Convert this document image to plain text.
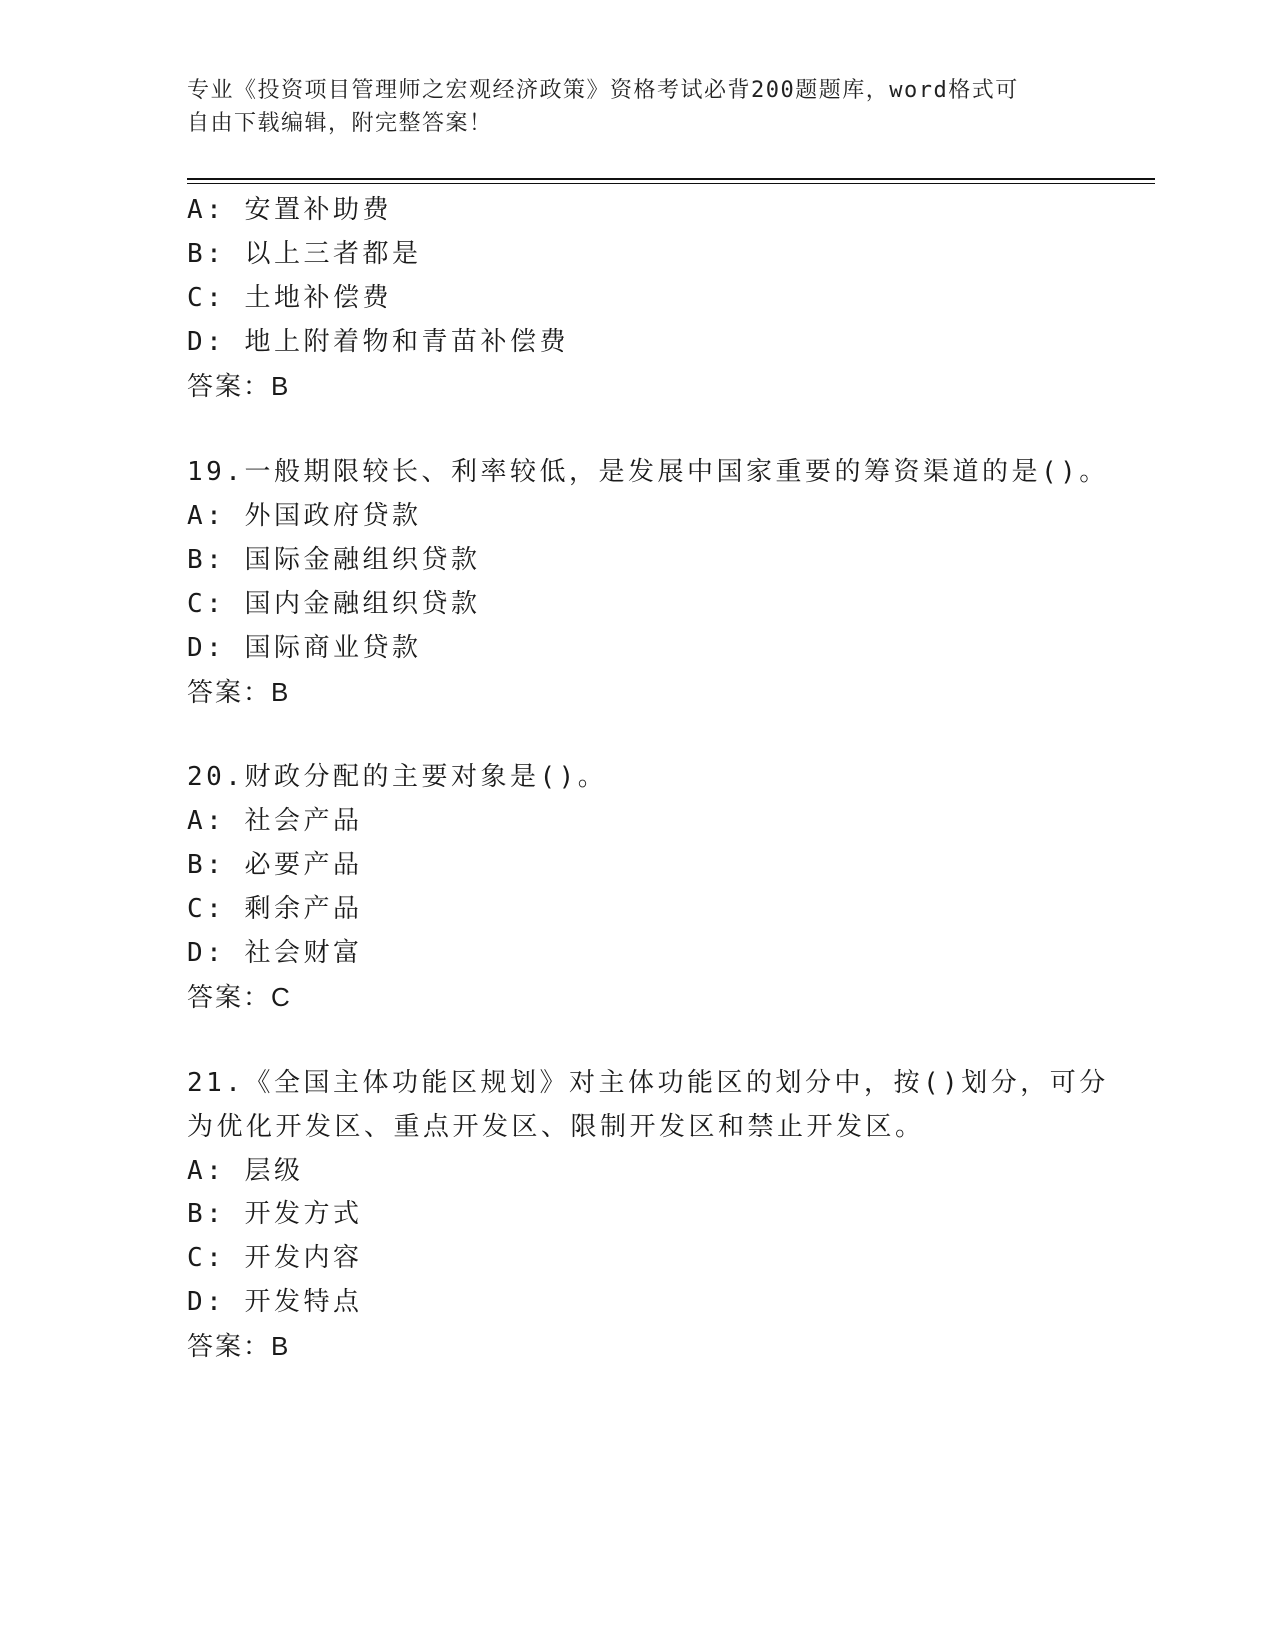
专业《投资项目管理师之宏观经济政策》资格考试必背200题题库，word格式可
自由下载编辑，附完整答案！
A: 安置补助费
B: 以上三者都是
C: 土地补偿费
D: 地上附着物和青苗补偿费
答案：B
19.一般期限较长、利率较低，是发展中国家重要的筹资渠道的是()。
A: 外国政府贷款
B: 国际金融组织贷款
C: 国内金融组织贷款
D: 国际商业贷款
答案：B
20.财政分配的主要对象是()。
A: 社会产品
B: 必要产品
C: 剩余产品
D: 社会财富
答案：C
21.《全国主体功能区规划》对主体功能区的划分中，按()划分，可分
为优化开发区、重点开发区、限制开发区和禁止开发区。
A: 层级
B: 开发方式
C: 开发内容
D: 开发特点
答案：B
